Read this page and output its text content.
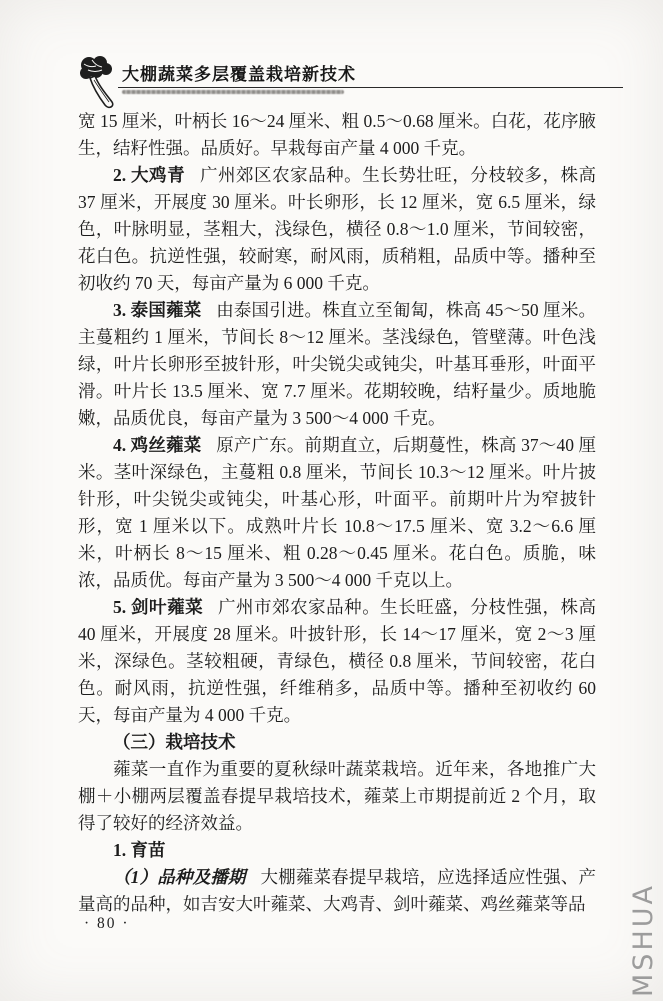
大棚蔬菜多层覆盖栽培新技术

宽 15 厘米，叶柄长 16～24 厘米、粗 0.5～0.68 厘米。白花，花序腋生，结籽性强。品质好。早栽每亩产量 4 000 千克。

2. 大鸡青 广州郊区农家品种。生长势壮旺，分枝较多，株高 37 厘米，开展度 30 厘米。叶长卵形，长 12 厘米，宽 6.5 厘米，绿色，叶脉明显，茎粗大，浅绿色，横径 0.8～1.0 厘米，节间较密，花白色。抗逆性强，较耐寒，耐风雨，质稍粗，品质中等。播种至初收约 70 天，每亩产量为 6 000 千克。

3. 泰国蕹菜 由泰国引进。株直立至匍匐，株高 45～50 厘米。主蔓粗约 1 厘米，节间长 8～12 厘米。茎浅绿色，管壁薄。叶色浅绿，叶片长卵形至披针形，叶尖锐尖或钝尖，叶基耳垂形，叶面平滑。叶片长 13.5 厘米、宽 7.7 厘米。花期较晚，结籽量少。质地脆嫩，品质优良，每亩产量为 3 500～4 000 千克。

4. 鸡丝蕹菜 原产广东。前期直立，后期蔓性，株高 37～40 厘米。茎叶深绿色，主蔓粗 0.8 厘米，节间长 10.3～12 厘米。叶片披针形，叶尖锐尖或钝尖，叶基心形，叶面平。前期叶片为窄披针形，宽 1 厘米以下。成熟叶片长 10.8～17.5 厘米、宽 3.2～6.6 厘米，叶柄长 8～15 厘米、粗 0.28～0.45 厘米。花白色。质脆，味浓，品质优。每亩产量为 3 500～4 000 千克以上。

5. 剑叶蕹菜 广州市郊农家品种。生长旺盛，分枝性强，株高 40 厘米，开展度 28 厘米。叶披针形，长 14～17 厘米，宽 2～3 厘米，深绿色。茎较粗硬，青绿色，横径 0.8 厘米，节间较密，花白色。耐风雨，抗逆性强，纤维稍多，品质中等。播种至初收约 60 天，每亩产量为 4 000 千克。

（三）栽培技术

蕹菜一直作为重要的夏秋绿叶蔬菜栽培。近年来，各地推广大棚＋小棚两层覆盖春提早栽培技术，蕹菜上市期提前近 2 个月，取得了较好的经济效益。

1. 育苗

（1）品种及播期 大棚蕹菜春提早栽培，应选择适应性强、产量高的品种，如吉安大叶蕹菜、大鸡青、剑叶蕹菜、鸡丝蕹菜等品

· 80 ·	MSHUA
